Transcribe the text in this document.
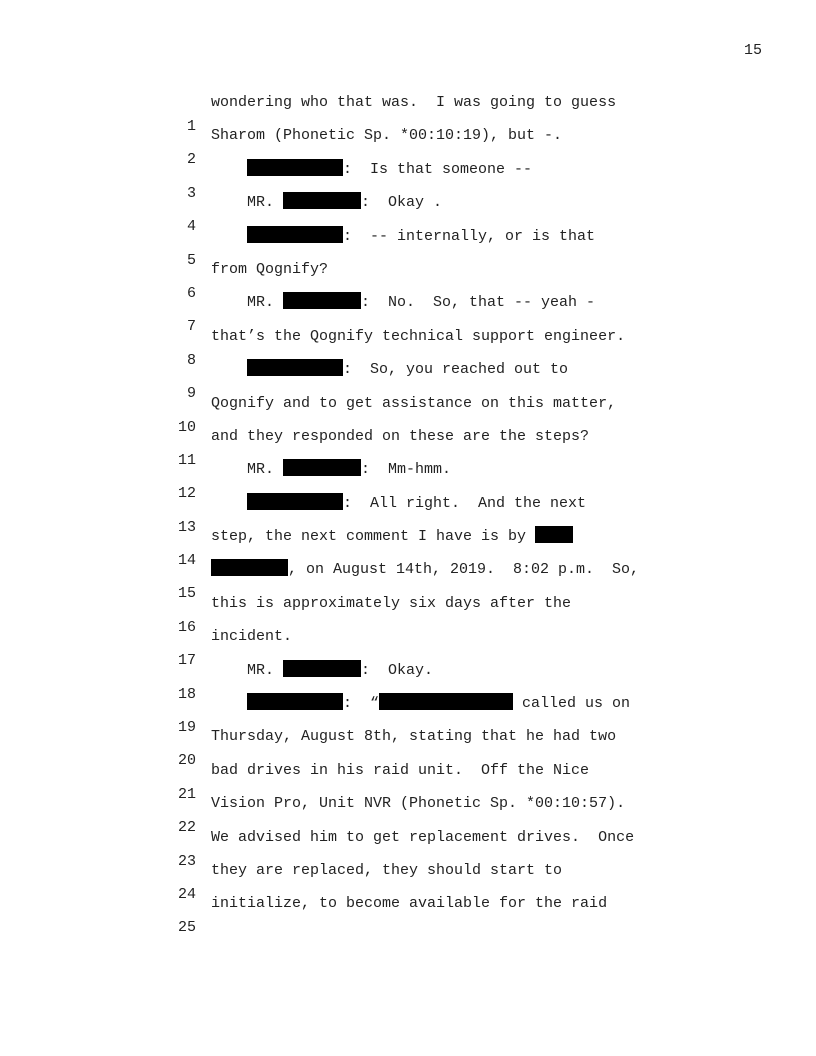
15

1

wondering who that was.  I was going to guess

2

Sharom (Phonetic Sp. *00:10:19), but -.

3

:  Is that someone --

4

MR.	:  Okay .

5

:  -- internally, or is that

6

from Qognify?

7

MR.	:  No.  So, that -- yeah -

8

that’s the Qognify technical support engineer.

9

:  So, you reached out to

10

Qognify and to get assistance on this matter,

11

and they responded on these are the steps?

12

MR.	:  Mm-hmm.

13

:  All right.  And the next

14

step, the next comment I have is by

15

, on August 14th, 2019.  8:02 p.m.  So,

16

this is approximately six days after the

17

incident.

18

MR.	:  Okay.

19

:  “	called us on

20

Thursday, August 8th, stating that he had two

21

bad drives in his raid unit.  Off the Nice

22

Vision Pro, Unit NVR (Phonetic Sp. *00:10:57).

23

We advised him to get replacement drives.  Once

24

they are replaced, they should start to

25

initialize, to become available for the raid
